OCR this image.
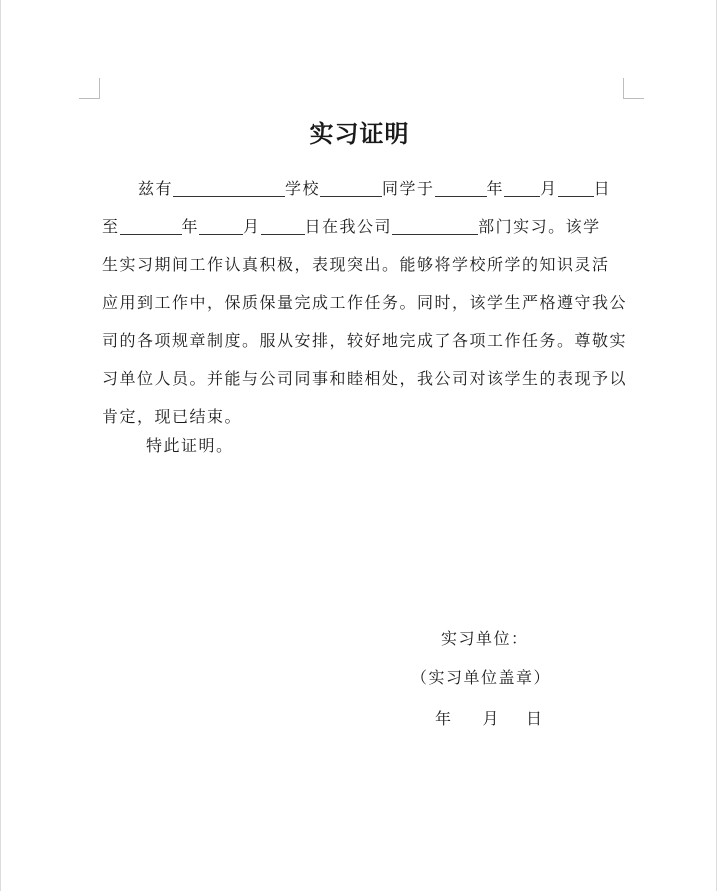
实习证明
兹有	学校	同学于	年 月 日
至	年	月	日在我公司	部门实习。该学
生实习期间工作认真积极，表现突出。能够将学校所学的知识灵活
应用到工作中，保质保量完成工作任务。同时，该学生严格遵守我公
司的各项规章制度。服从安排，较好地完成了各项工作任务。尊敬实
习单位人员。并能与公司同事和睦相处，我公司对该学生的表现予以
肯定，现已结束。
特此证明。
实习单位：
（实习单位盖章）
年 月 日
